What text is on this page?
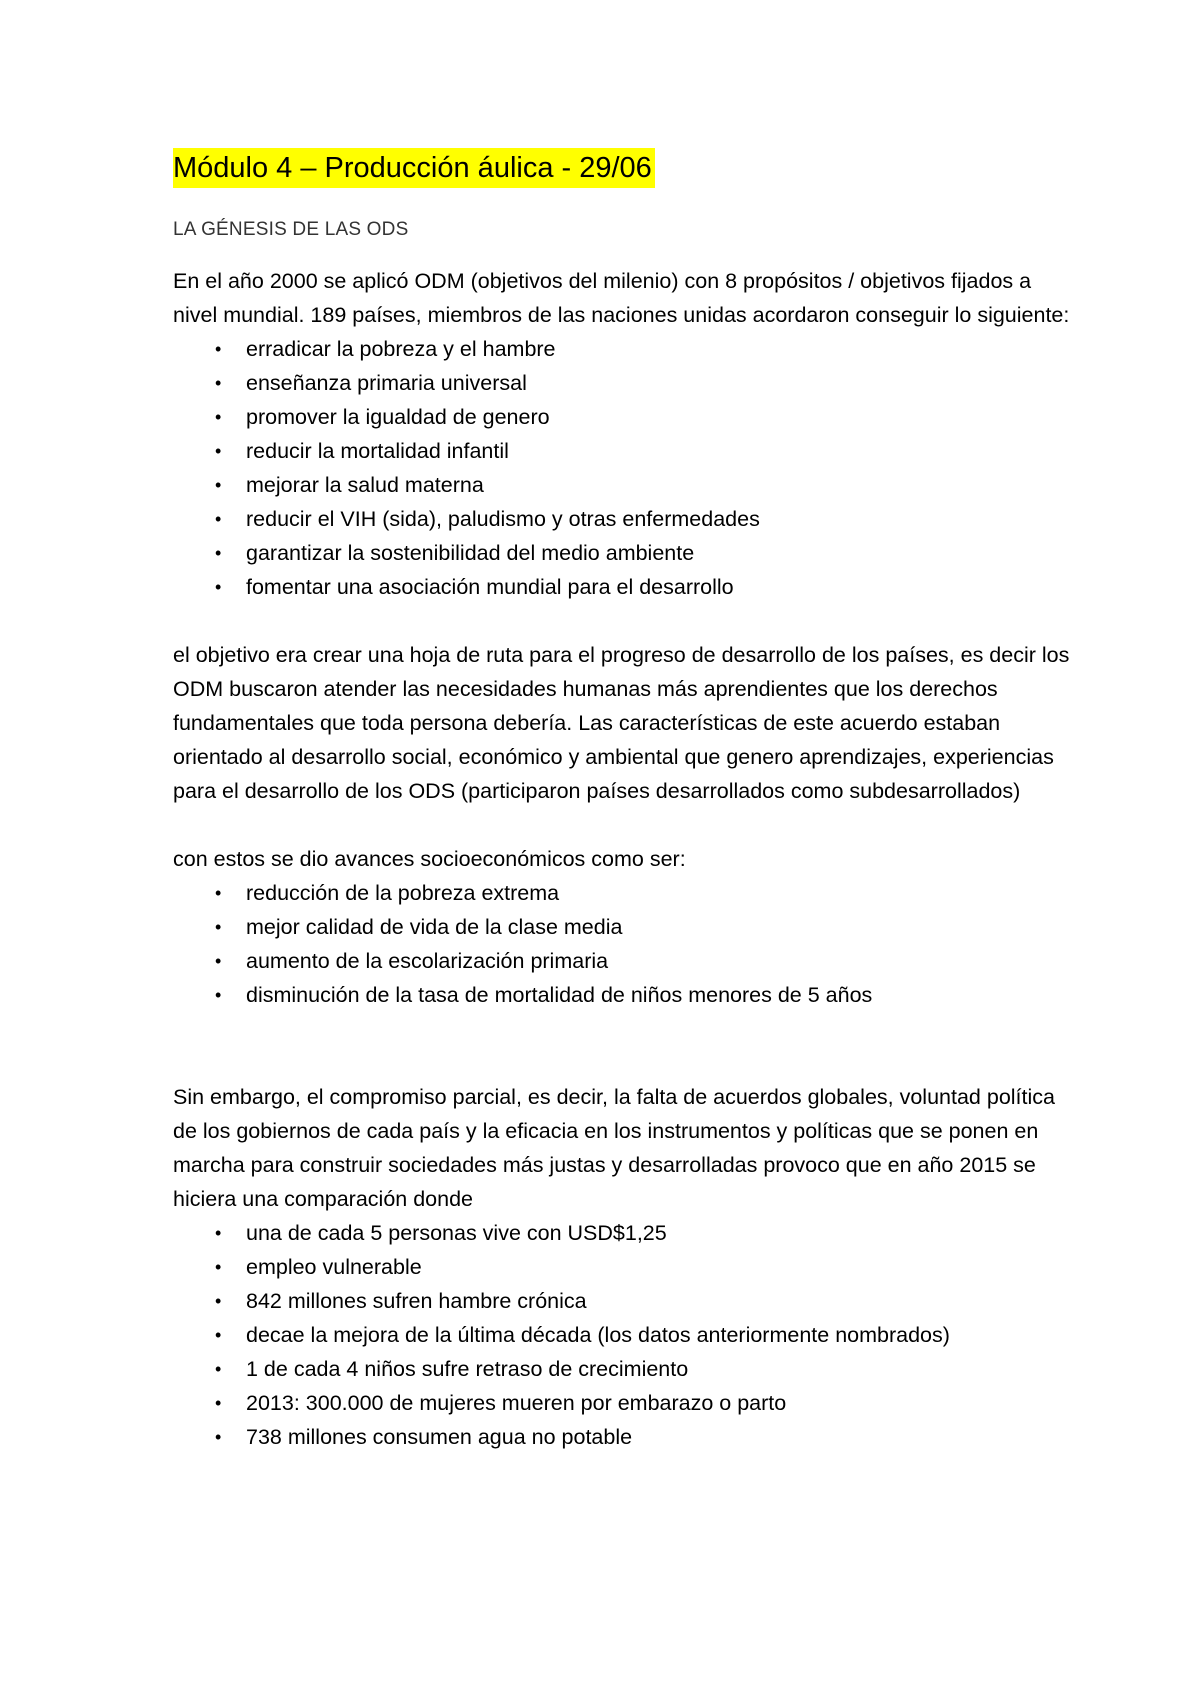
Módulo 4 – Producción áulica - 29/06
LA GÉNESIS DE LAS ODS

En el año 2000 se aplicó ODM (objetivos del milenio) con 8 propósitos / objetivos fijados a nivel mundial. 189 países, miembros de las naciones unidas acordaron conseguir lo siguiente:

• erradicar la pobreza y el hambre
• enseñanza primaria universal
• promover la igualdad de genero
• reducir la mortalidad infantil
• mejorar la salud materna
• reducir el VIH (sida), paludismo y otras enfermedades
• garantizar la sostenibilidad del medio ambiente
• fomentar una asociación mundial para el desarrollo

el objetivo era crear una hoja de ruta para el progreso de desarrollo de los países, es decir los ODM buscaron atender las necesidades humanas más aprendientes que los derechos fundamentales que toda persona debería. Las características de este acuerdo estaban orientado al desarrollo social, económico y ambiental que genero aprendizajes, experiencias para el desarrollo de los ODS (participaron países desarrollados como subdesarrollados)

con estos se dio avances socioeconómicos como ser:

• reducción de la pobreza extrema
• mejor calidad de vida de la clase media
• aumento de la escolarización primaria
• disminución de la tasa de mortalidad de niños menores de 5 años

Sin embargo, el compromiso parcial, es decir, la falta de acuerdos globales, voluntad política de los gobiernos de cada país y la eficacia en los instrumentos y políticas que se ponen en marcha para construir sociedades más justas y desarrolladas provoco que en año 2015 se hiciera una comparación donde

• una de cada 5 personas vive con USD$1,25
• empleo vulnerable
• 842 millones sufren hambre crónica
• decae la mejora de la última década (los datos anteriormente nombrados)
• 1 de cada 4 niños sufre retraso de crecimiento
• 2013: 300.000 de mujeres mueren por embarazo o parto
• 738 millones consumen agua no potable
